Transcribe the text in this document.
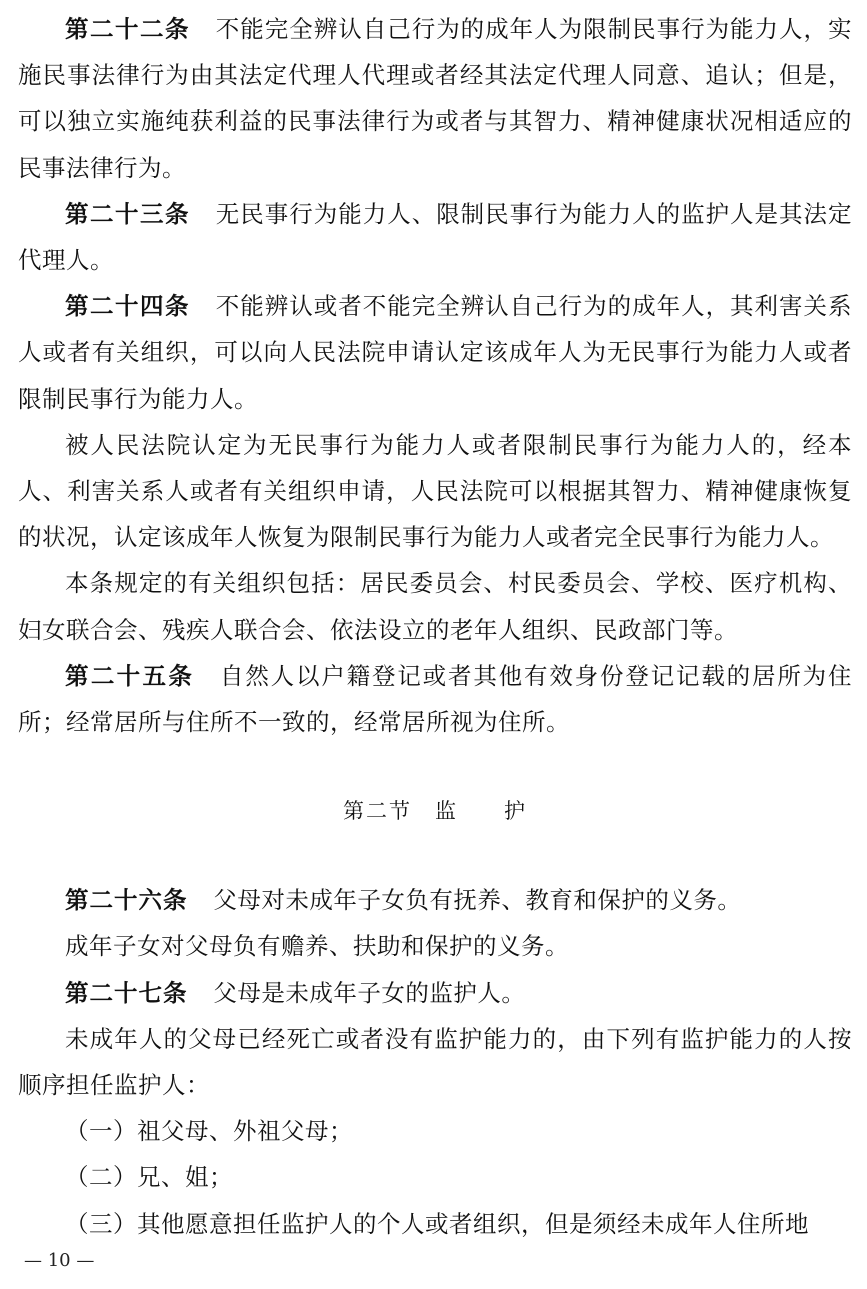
第二十二条 不能完全辨认自己行为的成年人为限制民事行为能力人，实施民事法律行为由其法定代理人代理或者经其法定代理人同意、追认；但是，可以独立实施纯获利益的民事法律行为或者与其智力、精神健康状况相适应的民事法律行为。

第二十三条 无民事行为能力人、限制民事行为能力人的监护人是其法定代理人。

第二十四条 不能辨认或者不能完全辨认自己行为的成年人，其利害关系人或者有关组织，可以向人民法院申请认定该成年人为无民事行为能力人或者限制民事行为能力人。

被人民法院认定为无民事行为能力人或者限制民事行为能力人的，经本人、利害关系人或者有关组织申请，人民法院可以根据其智力、精神健康恢复的状况，认定该成年人恢复为限制民事行为能力人或者完全民事行为能力人。

本条规定的有关组织包括：居民委员会、村民委员会、学校、医疗机构、妇女联合会、残疾人联合会、依法设立的老年人组织、民政部门等。

第二十五条 自然人以户籍登记或者其他有效身份登记记载的居所为住所；经常居所与住所不一致的，经常居所视为住所。

第二节　监　　护

第二十六条 父母对未成年子女负有抚养、教育和保护的义务。

成年子女对父母负有赡养、扶助和保护的义务。

第二十七条 父母是未成年子女的监护人。

未成年人的父母已经死亡或者没有监护能力的，由下列有监护能力的人按顺序担任监护人：

（一）祖父母、外祖父母；

（二）兄、姐；

（三）其他愿意担任监护人的个人或者组织，但是须经未成年人住所地

— 10 —
